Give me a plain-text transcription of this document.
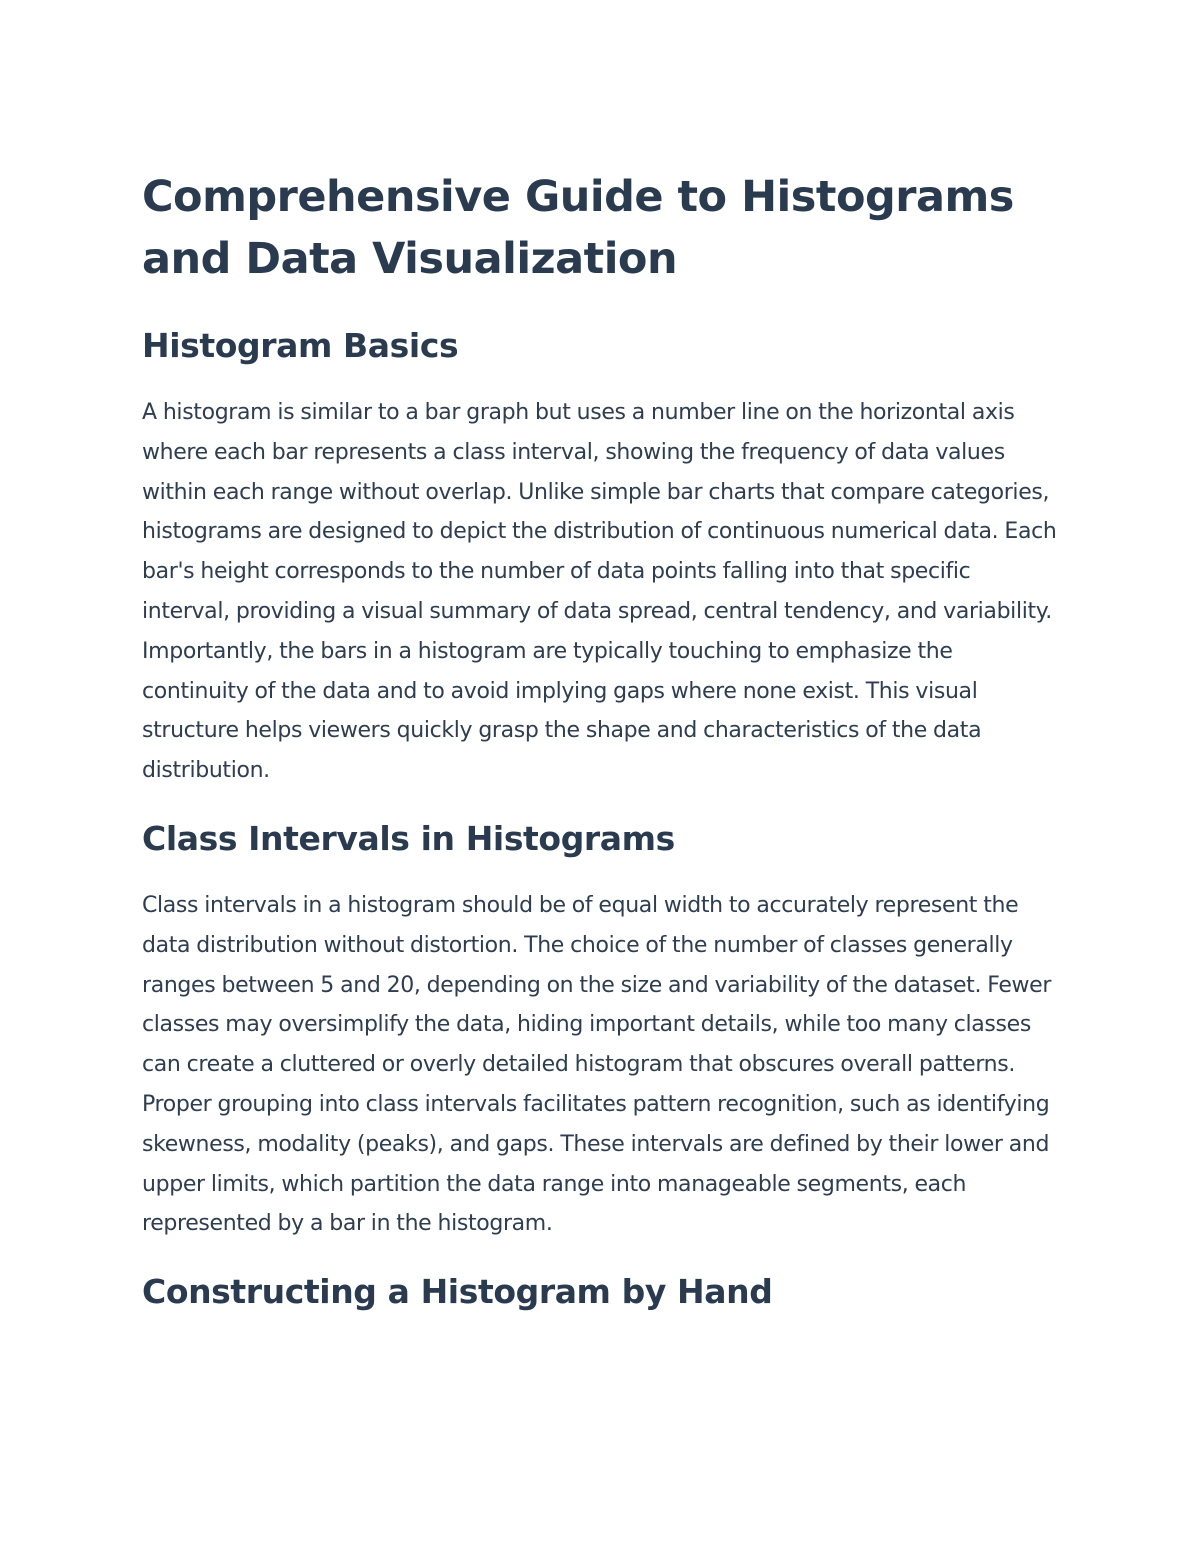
Comprehensive Guide to Histograms and Data Visualization
Histogram Basics

A histogram is similar to a bar graph but uses a number line on the horizontal axis where each bar represents a class interval, showing the frequency of data values within each range without overlap. Unlike simple bar charts that compare categories, histograms are designed to depict the distribution of continuous numerical data. Each bar's height corresponds to the number of data points falling into that specific interval, providing a visual summary of data spread, central tendency, and variability. Importantly, the bars in a histogram are typically touching to emphasize the continuity of the data and to avoid implying gaps where none exist. This visual structure helps viewers quickly grasp the shape and characteristics of the data distribution.

Class Intervals in Histograms

Class intervals in a histogram should be of equal width to accurately represent the data distribution without distortion. The choice of the number of classes generally ranges between 5 and 20, depending on the size and variability of the dataset. Fewer classes may oversimplify the data, hiding important details, while too many classes can create a cluttered or overly detailed histogram that obscures overall patterns. Proper grouping into class intervals facilitates pattern recognition, such as identifying skewness, modality (peaks), and gaps. These intervals are defined by their lower and upper limits, which partition the data range into manageable segments, each represented by a bar in the histogram.

Constructing a Histogram by Hand
